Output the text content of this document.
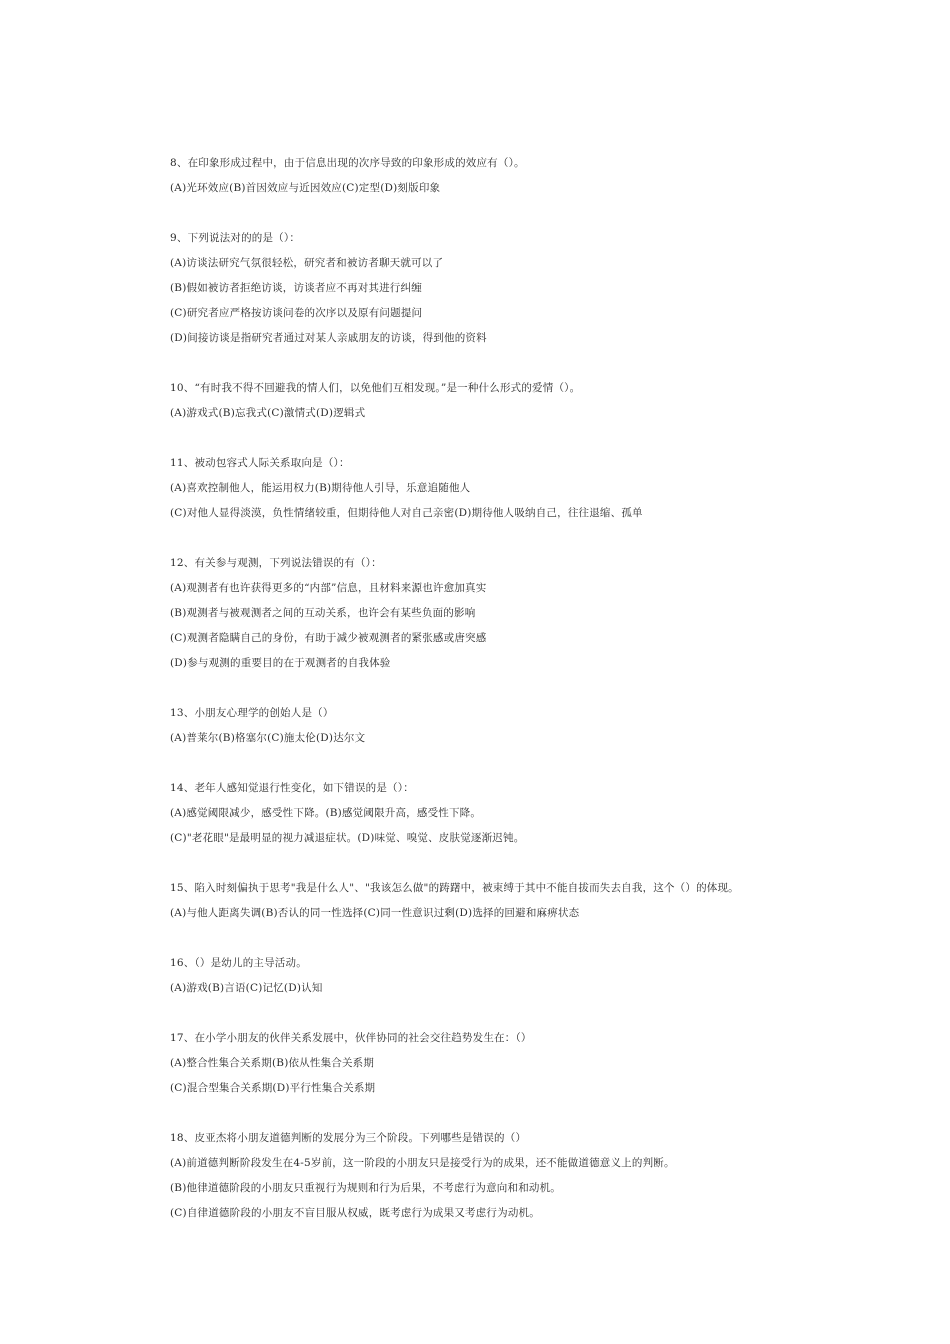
8、在印象形成过程中，由于信息出现的次序导致的印象形成的效应有（）。
(A)光环效应(B)首因效应与近因效应(C)定型(D)刻版印象
9、下列说法对的的是（）：
(A)访谈法研究气氛很轻松，研究者和被访者聊天就可以了
(B)假如被访者拒绝访谈，访谈者应不再对其进行纠缠
(C)研究者应严格按访谈问卷的次序以及原有问题提问
(D)间接访谈是指研究者通过对某人亲戚朋友的访谈，得到他的资料
10、“有时我不得不回避我的情人们，以免他们互相发现。”是一种什么形式的爱情（）。
(A)游戏式(B)忘我式(C)激情式(D)逻辑式
11、被动包容式人际关系取向是（）：
(A)喜欢控制他人，能运用权力(B)期待他人引导，乐意追随他人
(C)对他人显得淡漠，负性情绪较重，但期待他人对自己亲密(D)期待他人吸纳自己，往往退缩、孤单
12、有关参与观测，下列说法错误的有（）：
(A)观测者有也许获得更多的“内部”信息，且材料来源也许愈加真实
(B)观测者与被观测者之间的互动关系，也许会有某些负面的影响
(C)观测者隐瞒自己的身份，有助于减少被观测者的紧张感或唐突感
(D)参与观测的重要目的在于观测者的自我体验
13、小朋友心理学的创始人是（）
(A)普莱尔(B)格塞尔(C)施太伦(D)达尔文
14、老年人感知觉退行性变化，如下错误的是（）：
(A)感觉阈限减少，感受性下降。(B)感觉阈限升高，感受性下降。
(C)"老花眼"是最明显的视力减退症状。(D)味觉、嗅觉、皮肤觉逐渐迟钝。
15、陷入时刻偏执于思考"我是什么人"、"我该怎么做"的踌躇中，被束缚于其中不能自拔而失去自我，这个（）的体现。
(A)与他人距离失调(B)否认的同一性选择(C)同一性意识过剩(D)选择的回避和麻痹状态
16、（）是幼儿的主导活动。
(A)游戏(B)言语(C)记忆(D)认知
17、在小学小朋友的伙伴关系发展中，伙伴协同的社会交往趋势发生在：（）
(A)整合性集合关系期(B)依从性集合关系期
(C)混合型集合关系期(D)平行性集合关系期
18、皮亚杰将小朋友道德判断的发展分为三个阶段。下列哪些是错误的（）
(A)前道德判断阶段发生在4-5岁前，这一阶段的小朋友只是接受行为的成果，还不能做道德意义上的判断。
(B)他律道德阶段的小朋友只重视行为规则和行为后果，不考虑行为意向和和动机。
(C)自律道德阶段的小朋友不盲目服从权威，既考虑行为成果又考虑行为动机。
